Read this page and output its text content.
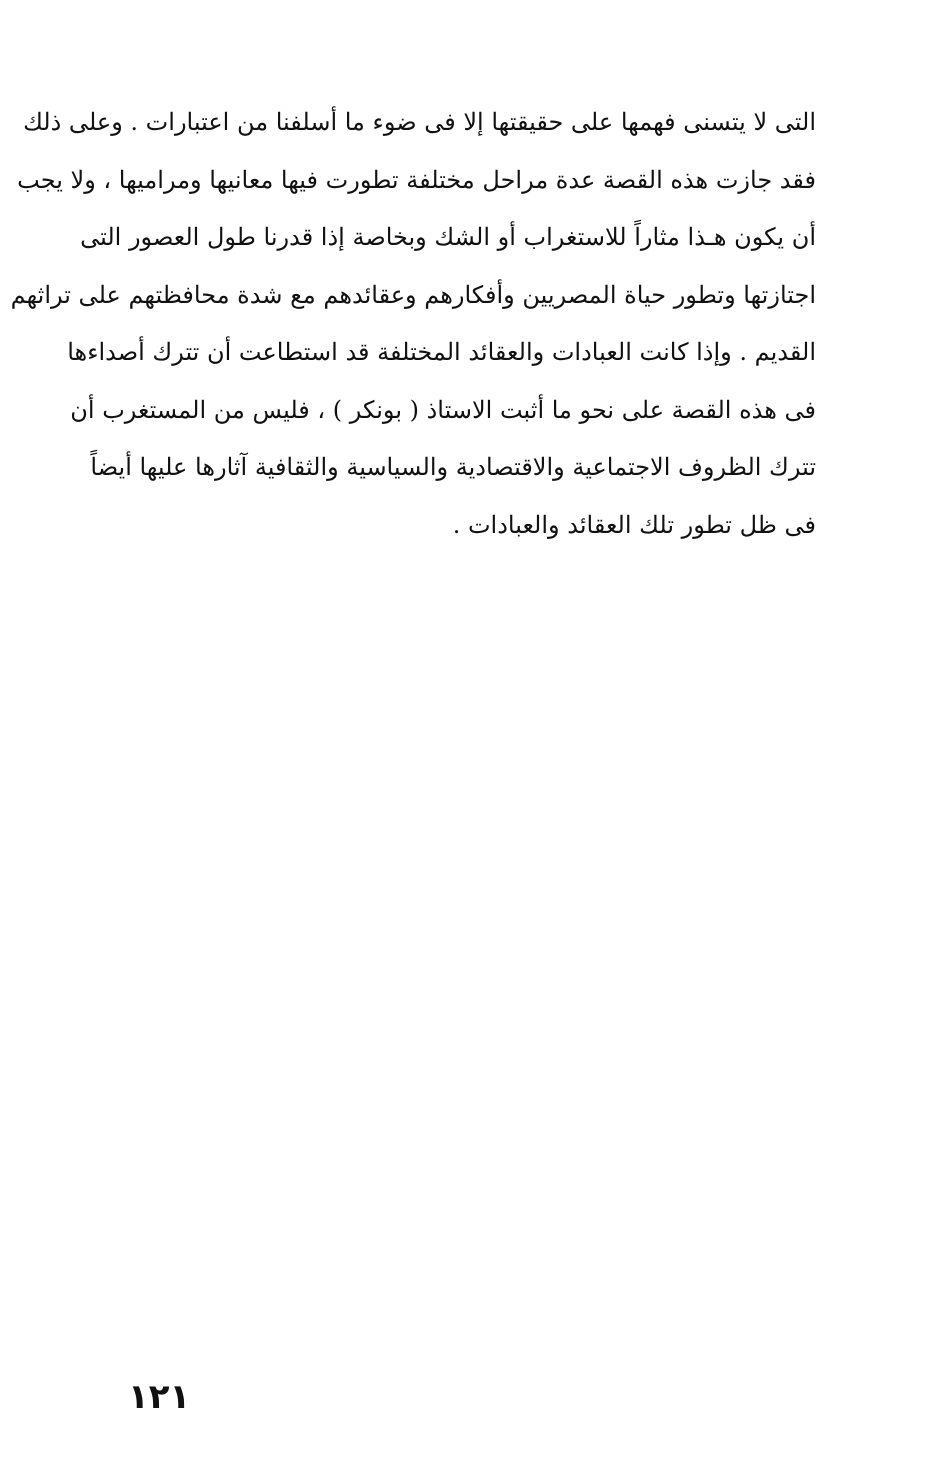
التى لا يتسنى فهمها على حقيقتها إلا فى ضوء ما أسلفنا من اعتبارات . وعلى ذلك
فقد جازت هذه القصة عدة مراحل مختلفة تطورت فيها معانيها ومراميها ، ولا يجب
أن يكون هـذا مثاراً للاستغراب أو الشك وبخاصة إذا قدرنا طول العصور التى
اجتازتها وتطور حياة المصريين وأفكارهم وعقائدهم مع شدة محافظتهم على تراثهم
القديم . وإذا كانت العبادات والعقائد المختلفة قد استطاعت أن تترك أصداءها
فى هذه القصة على نحو ما أثبت الاستاذ ( بونكر ) ، فليس من المستغرب أن
تترك الظروف الاجتماعية والاقتصادية والسياسية والثقافية آثارها عليها أيضاً
فى ظل تطور تلك العقائد والعبادات .
١٢١
